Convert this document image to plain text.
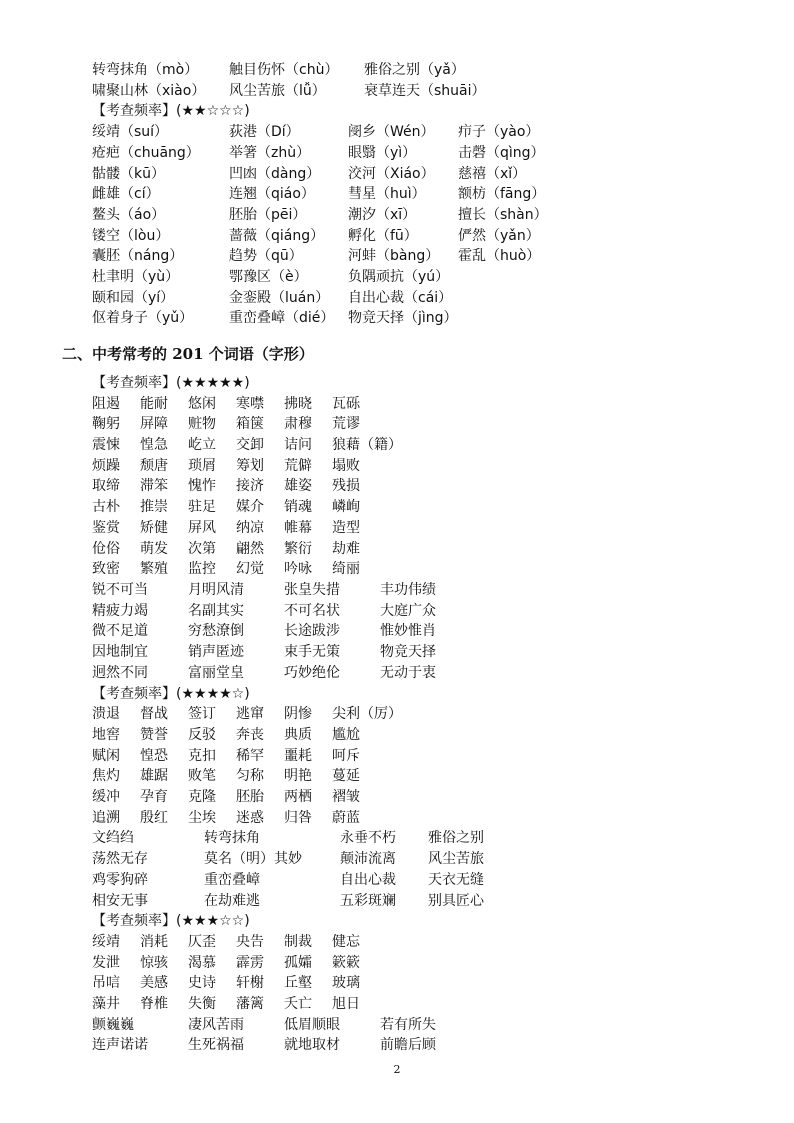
转弯抹角（mò） 触目伤怀（chù） 雅俗之别（yǎ）
啸聚山林（xiào） 风尘苦旅（lǚ）	衰草连天（shuāi）
【考查频率】(★★☆☆☆)
绥靖（suí）	荻港（Dí）	阌乡（Wén） 疖子（yào）
疮疤（chuāng） 举箸（zhù）	眼翳（yì）	击磬（qìng）
骷髅（kū）	凹凼（dàng） 洨河（Xiáo） 慈禧（xǐ）
雌雄（cí）	连翘（qiáo） 彗星（huì） 额枋（fāng）
鳌头（áo）	胚胎（pēi）	潮汐（xī）	擅长（shàn）
镂空（lòu）	蔷薇（qiáng） 孵化（fū）	俨然（yǎn）
囊胚（náng）	趋势（qū）	河蚌（bàng） 霍乱（huò）
杜聿明（yù）	鄂豫区（è）	负隅顽抗（yú）
颐和园（yí）	金銮殿（luán） 自出心裁（cái）
伛着身子（yǔ）	重峦叠嶂（dié） 物竞天择（jìng）
二、中考常考的 201 个词语（字形）
【考查频率】(★★★★★)
阻遏 能耐 悠闲 寒噤 拂晓 瓦砾
鞠躬 屏障 赃物 箱箧 肃穆 荒谬
震悚 惶急 屹立 交卸 诘问 狼藉（籍）
烦躁 颓唐 琐屑 筹划 荒僻 塌败
取缔 滞笨 愧怍 接济 雄姿 残损
古朴 推崇 驻足 媒介 销魂 嶙峋
鉴赏 矫健 屏风 纳凉 帷幕 造型
伧俗 萌发 次第 翩然 繁衍 劫难
致密 繁殖 监控 幻觉 吟咏 绮丽
锐不可当	月明风清	张皇失措	丰功伟绩
精疲力竭	名副其实	不可名状	大庭广众
微不足道	穷愁潦倒	长途跋涉	惟妙惟肖
因地制宜	销声匿迹	束手无策	物竞天择
迥然不同	富丽堂皇	巧妙绝伦	无动于衷
【考查频率】(★★★★☆)
溃退 督战 签订 逃窜 阴惨 尖利（厉）
地窖 赞誉 反驳 奔丧 典质 尴尬
赋闲 惶恐 克扣 稀罕 噩耗 呵斥
焦灼 雄踞 败笔 匀称 明艳 蔓延
缓冲 孕育 克隆 胚胎 两栖 褶皱
追溯 殷红 尘埃 迷惑 归咎 蔚蓝
文绉绉	转弯抹角	永垂不朽 雅俗之别
荡然无存	莫名（明）其妙	颠沛流离 风尘苦旅
鸡零狗碎	重峦叠嶂	自出心裁 天衣无缝
相安无事	在劫难逃	五彩斑斓 别具匠心
【考查频率】(★★★☆☆)
绥靖 消耗 仄歪 央告 制裁 健忘
发泄 惊骇 渴慕 霹雳 孤孀 簌簌
吊唁 美感 史诗 轩榭 丘壑 玻璃
藻井 脊椎 失衡 藩篱 夭亡 旭日
颤巍巍	凄风苦雨	低眉顺眼	若有所失
连声诺诺	生死祸福	就地取材	前瞻后顾
2
